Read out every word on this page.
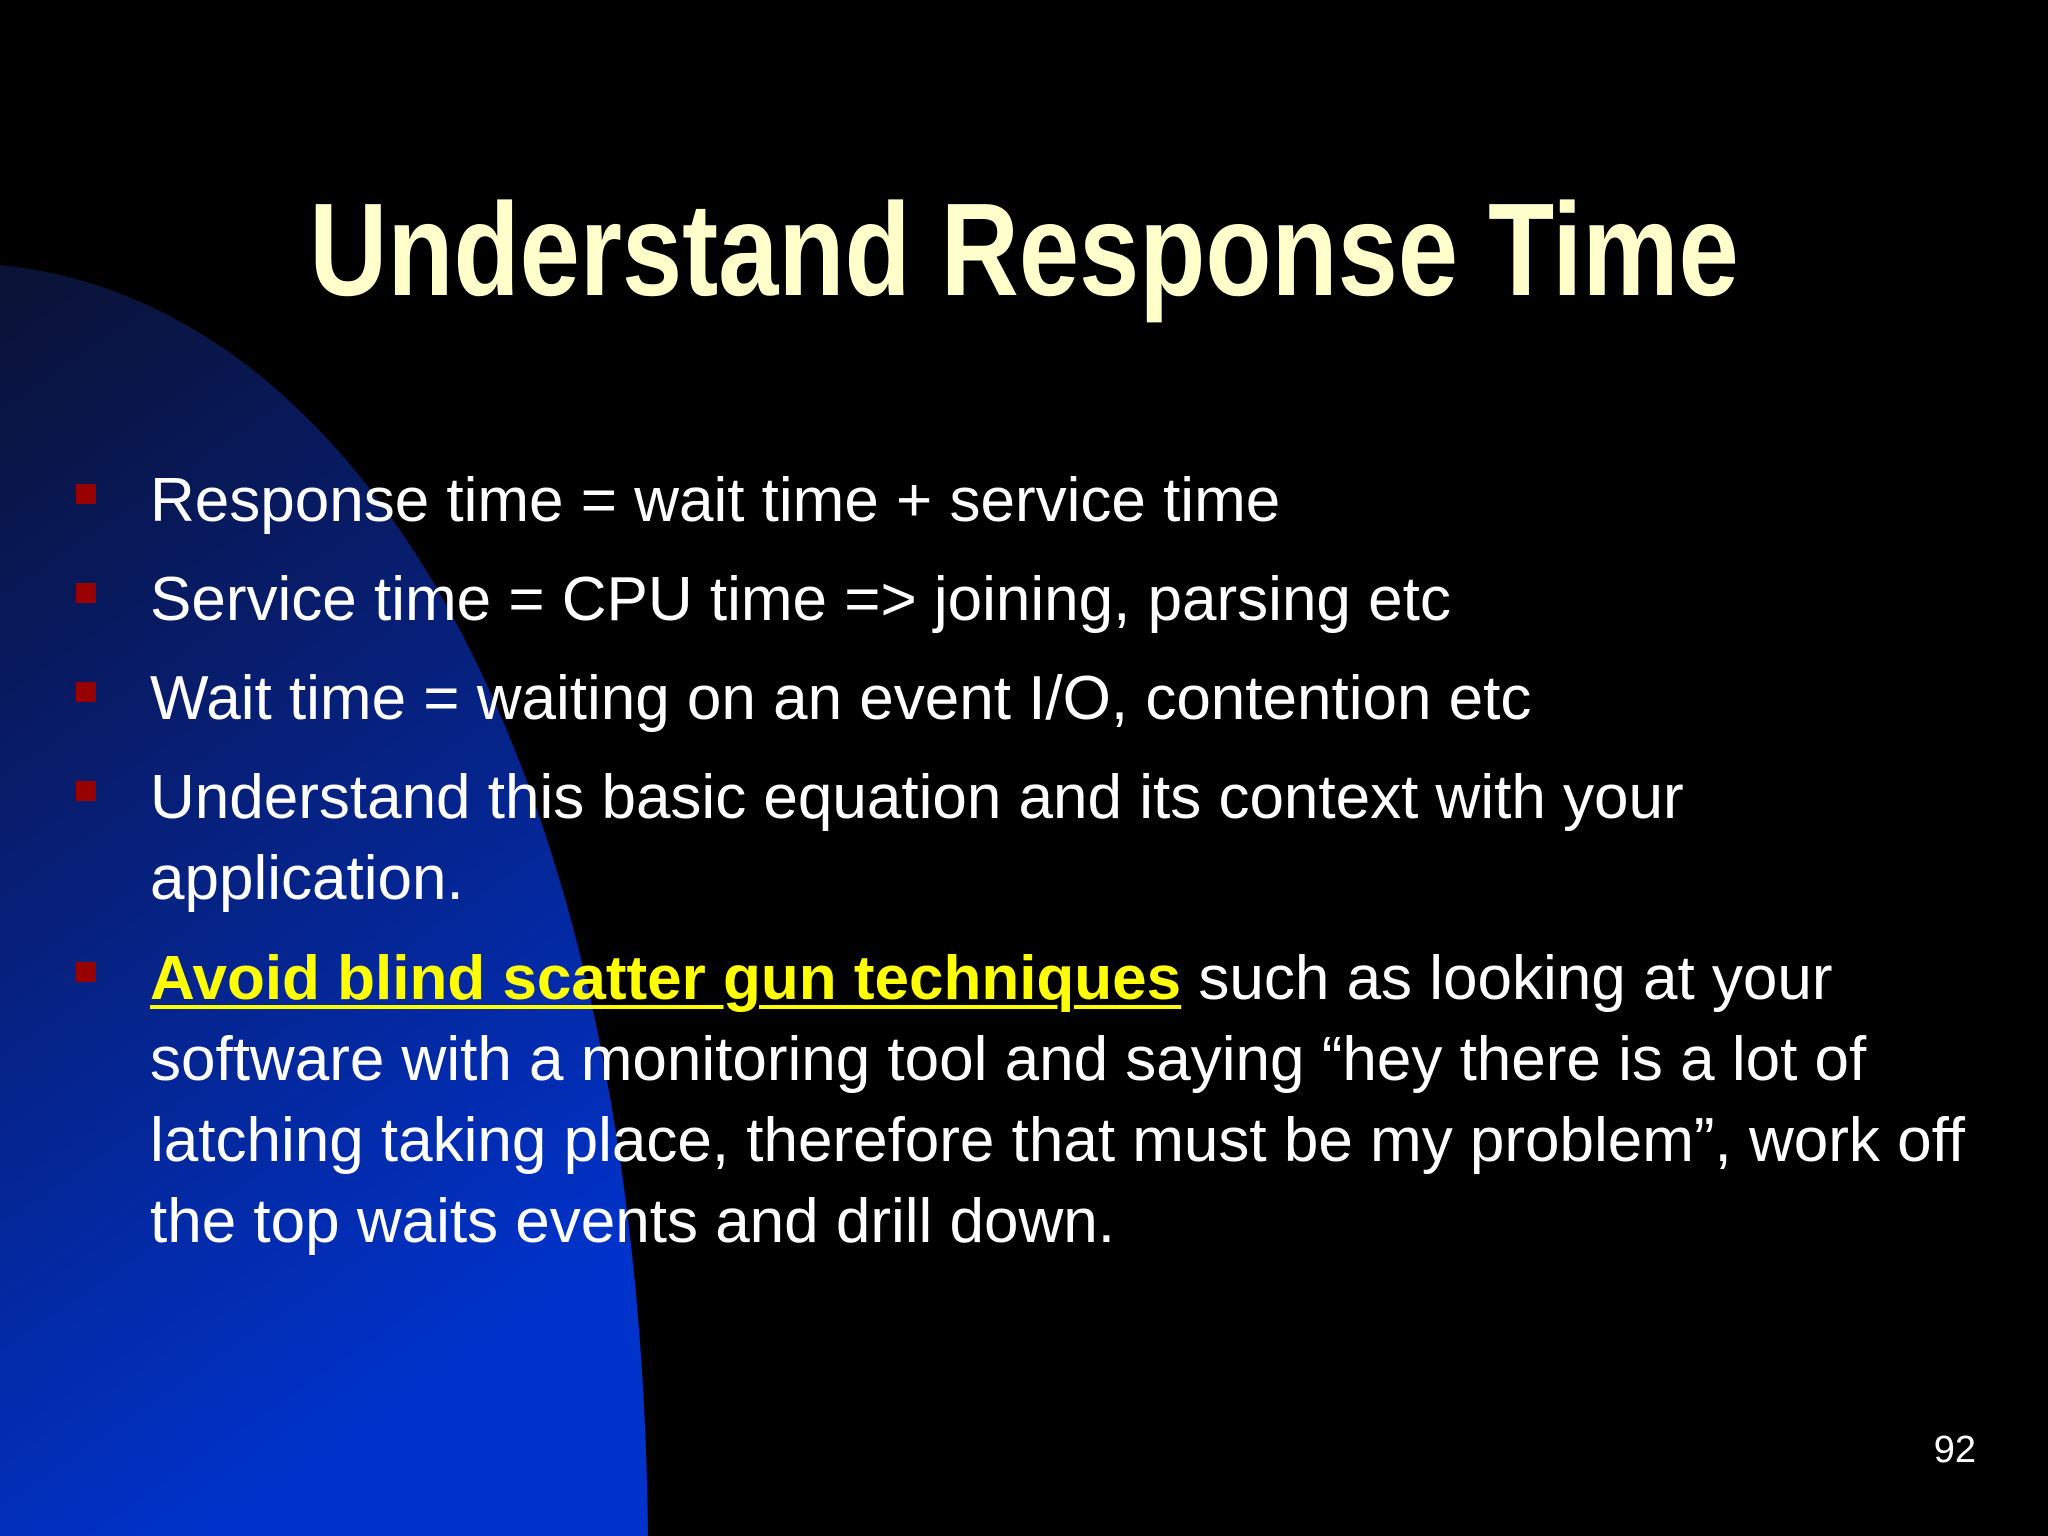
Understand Response Time

Response time = wait time + service time

Service time = CPU time => joining, parsing etc

Wait time = waiting on an event I/O, contention etc

Understand this basic equation and its context with your application.

Avoid blind scatter gun techniques such as looking at your software with a monitoring tool and saying “hey there is a lot of latching taking place, therefore that must be my problem”, work off the top waits events and drill down.

92
